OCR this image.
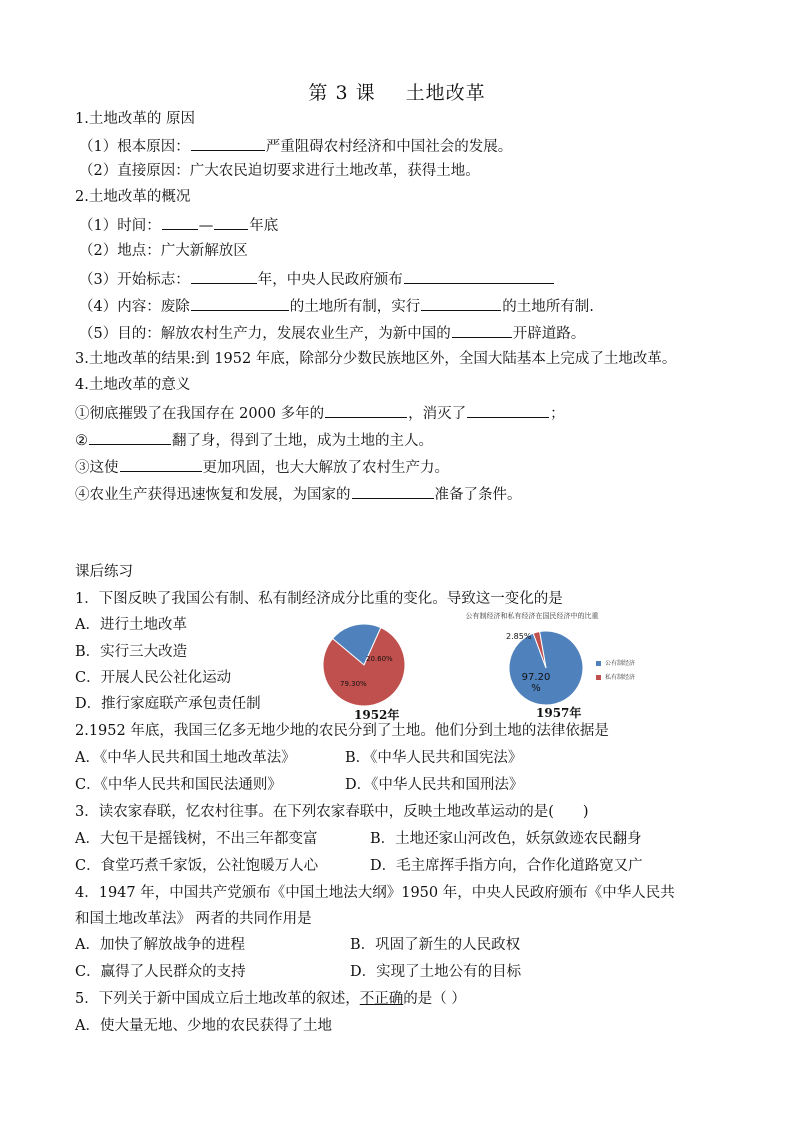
第 3 课 土地改革
1.土地改革的 原因
（1）根本原因：	严重阻碍农村经济和中国社会的发展。
（2）直接原因：广大农民迫切要求进行土地改革，获得土地。
2.土地改革的概况
（1）时间：	— 年底
（2）地点：广大新解放区
（3）开始标志：	年，中央人民政府颁布
（4）内容：废除	的土地所有制，实行	的土地所有制.
（5）目的：解放农村生产力，发展农业生产，为新中国的	开辟道路。
3.土地改革的结果:到 1952 年底，除部分少数民族地区外，全国大陆基本上完成了土地改革。
4.土地改革的意义
①彻底摧毁了在我国存在 2000 多年的	，消灭了	；
②	翻了身，得到了土地，成为土地的主人。
③这使	更加巩固，也大大解放了农村生产力。
④农业生产获得迅速恢复和发展，为国家的	准备了条件。
课后练习
1．下图反映了我国公有制、私有制经济成分比重的变化。导致这一变化的是
A．进行土地改革
B．实行三大改造
C．开展人民公社化运动
D．推行家庭联产承包责任制
公有制经济和私有经济在国民经济中的比重
20.60%
79.30%
1952年
2.85%
97.20
%
1957年
公有制经济
私有制经济
2.1952 年底，我国三亿多无地少地的农民分到了土地。他们分到土地的法律依据是
A．《中华人民共和国土地改革法》	B．《中华人民共和国宪法》
C．《中华人民共和国民法通则》	D．《中华人民共和国刑法》
3．读农家春联，忆农村往事。在下列农家春联中，反映土地改革运动的是(　　)
A．大包干是摇钱树，不出三年都变富	B．土地还家山河改色，妖氛敛迹农民翻身
C．食堂巧煮千家饭，公社饱暖万人心	D．毛主席挥手指方向，合作化道路宽又广
4．1947 年，中国共产党颁布《中国土地法大纲》1950 年，中央人民政府颁布《中华人民共
和国土地改革法》 两者的共同作用是
A．加快了解放战争的进程	B．巩固了新生的人民政权
C．赢得了人民群众的支持	D．实现了土地公有的目标
5．下列关于新中国成立后土地改革的叙述，不正确的是（ ）
A．使大量无地、少地的农民获得了土地
